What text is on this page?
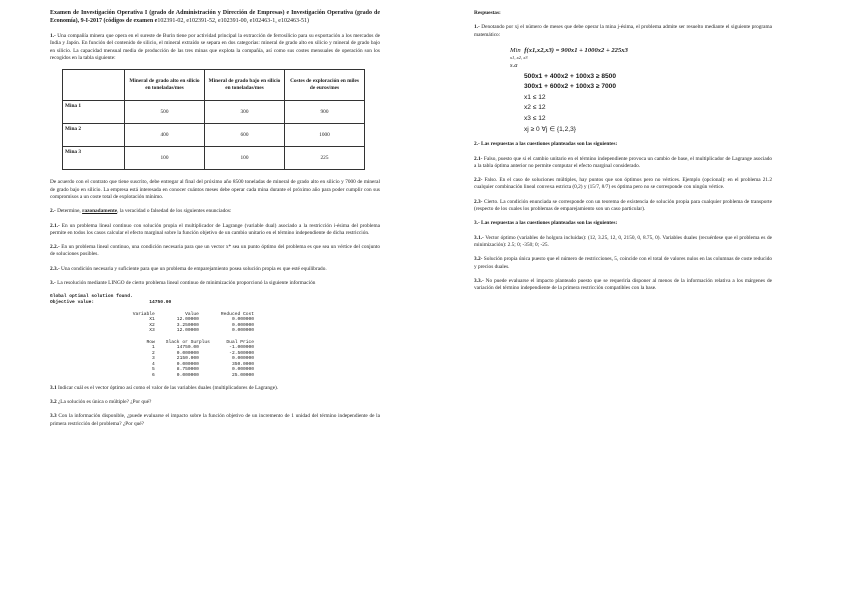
Examen de Investigación Operativa I (grado de Administración y Dirección de Empresas) e Investigación Operativa (grado de Economía), 9-I-2017 (códigos de examen e102391-02, e102391-52, e102391-00, e102463-1, e102463-51)

1.- Una compañía minera que opera en el sureste de Burin tiene por actividad principal la extracción de ferrosilicio para su exportación a los mercados de India y Japón. En función del contenido de silicio, el mineral extraído se separa en dos categorías: mineral de grado alto en silicio y mineral de grado bajo en silicio. La capacidad mensual media de producción de las tres minas que explota la compañía, así como sus costes mensuales de operación son los recogidos en la tabla siguiente:

	Mineral de grado alto en silicio en toneladas/mes	Mineral de grado bajo en silicio en toneladas/mes	Costes de exploración en miles de euros/mes
Mina 1	500	300	900
Mina 2	400	600	1000
Mina 3	100	100	225

De acuerdo con el contrato que tiene suscrito, debe entregar al final del próximo año 8500 toneladas de mineral de grado alto en silicio y 7000 de mineral de grado bajo en silicio. La empresa está interesada en conocer cuántos meses debe operar cada mina durante el próximo año para poder cumplir con sus compromisos a un coste total de explotación mínimo.

2.- Determine, razonadamente, la veracidad o falsedad de los siguientes enunciados:

2.1.- En un problema lineal continuo con solución propia el multiplicador de Lagrange (variable dual) asociado a la restricción i-ésima del problema permite en todos los casos calcular el efecto marginal sobre la función objetivo de un cambio unitario en el término independiente de dicha restricción.

2.2.- En un problema lineal continuo, una condición necesaria para que un vector x* sea un punto óptimo del problema es que sea un vértice del conjunto de soluciones posibles.

2.3.- Una condición necesaria y suficiente para que un problema de emparejamiento posea solución propia es que esté equilibrado.

3.- La resolución mediante LINGO de cierto problema lineal continuo de minimización proporcionó la siguiente información

Global optimal solution found.
Objective value:                    14750.00
Variable           Value        Reduced Cost
X1        12.00000            0.000000
X2        3.250000            0.000000
X3        12.00000            0.000000

Row    Slack or Surplus      Dual Price
1        14750.00           -1.000000
2        0.000000           -2.500000
3        2150.000            0.000000
4        0.000000            350.0000
5        8.750000            0.000000
6        0.000000            25.00000

3.1 Indicar cuál es el vector óptimo así como el valor de las variables duales (multiplicadores de Lagrange).

3.2 ¿La solución es única o múltiple? ¿Por qué?

3.3 Con la información disponible, ¿puede evaluarse el impacto sobre la función objetivo de un incremento de 1 unidad del término independiente de la primera restricción del problema? ¿Por qué?

Respuestas:

1.- Denotando por xj el número de meses que debe operar la mina j-ésima, el problema admite ser resuelto mediante el siguiente programa matemático:

Min f(x1,x2,x3) = 900x1 + 1000x2 + 225x3
x1, x2, x3
s.a
500x1 + 400x2 + 100x3 ≥ 8500
300x1 + 600x2 + 100x3 ≥ 7000
x1 ≤ 12
x2 ≤ 12
x3 ≤ 12
xj ≥ 0 ∀j ∈ {1,2,3}

2.- Las respuestas a las cuestiones planteadas son las siguientes:

2.1- Falso, puesto que si el cambio unitario en el término independiente provoca un cambio de base, el multiplicador de Lagrange asociado a la tabla óptima anterior no permite computar el efecto marginal considerado.

2.2- Falso. En el caso de soluciones múltiples, hay puntos que son óptimos pero no vértices. Ejemplo (opcional): en el problema 21.2 cualquier combinación lineal convexa estricta (0,2) y (15/7, 8/7) es óptima pero no se corresponde con ningún vértice.

2.3- Cierto. La condición enunciada se corresponde con un teorema de existencia de solución propia para cualquier problema de transporte (respecto de los cuales los problemas de emparejamiento son un caso particular).

3.- Las respuestas a las cuestiones planteadas son las siguientes:

3.1.- Vector óptimo (variables de holgura incluidas): (12, 3.25, 12, 0, 2150, 0, 8.75, 0). Variables duales (recuérdese que el problema es de minimización): 2.5; 0; -350; 0; -25.

3.2- Solución propia única puesto que el número de restricciones, 5, coincide con el total de valores nulos en las columnas de coste reducido y precios duales.

3.3.- No puede evaluarse el impacto planteado puesto que se requeriría disponer al menos de la información relativa a los márgenes de variación del término independiente de la primera restricción compatibles con la base.
